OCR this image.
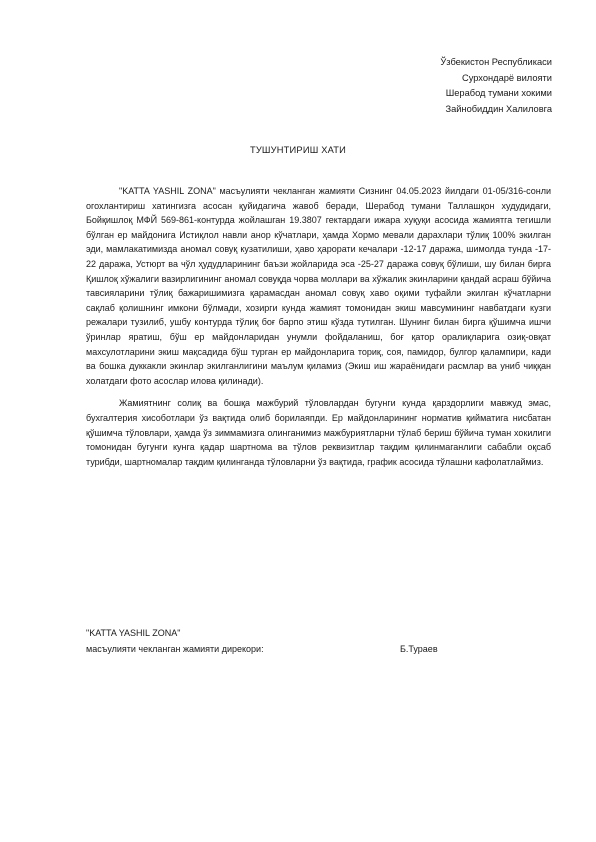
Ўзбекистон Республикаси
Сурхондарё вилояти
Шерабод тумани хокими
Зайнобиддин Халиловга
ТУШУНТИРИШ ХАТИ

"KATTA YASHIL ZONA" масъулияти чекланган жамияти Сизнинг 04.05.2023 йилдаги 01-05/316-сонли огохлантириш хатингизга асосан қуйидагича жавоб беради, Шерабод тумани Таллашқон худудидаги, Бойқишлоқ МФЙ 569-861-контурда жойлашган 19.3807 гектардаги ижара хуқуқи асосида жамиятга тегишли бўлган ер майдонига Истиқлол навли анор кўчатлари, ҳамда Хормо мевали дарахлари тўлиқ 100% экилган эди, мамлакатимизда аномал совуқ кузатилиши, ҳаво ҳарорати кечалари -12-17 даража, шимолда тунда -17-22 даража, Устюрт ва чўл ҳудудларининг баъзи жойларида эса -25-27 даража совуқ бўлиши, шу билан бирга Қишлоқ хўжалиги вазирлигининг аномал совуқда чорва моллари ва хўжалик экинларини қандай асраш бўйича тавсияларини тўлиқ бажаришимизга қарамасдан аномал совуқ хаво оқими туфайли экилган кўчатларни сақлаб қолишнинг имкони бўлмади, хозирги кунда жамият томонидан экиш мавсумининг навбатдаги кузги режалари тузилиб, ушбу контурда тўлиқ боғ барпо этиш кўзда тутилган. Шунинг билан бирга қўшимча ишчи ўринлар яратиш, бўш ер майдонларидан унумли фойдаланиш, боғ қатор оралиқларига озиқ-овқат махсулотларини экиш мақсадида бўш турган ер майдонларига ториқ, соя, памидор, булгор қалампири, кади ва бошка дуккакли экинлар экилганлигини маълум қиламиз (Экиш иш жараёнидаги расмлар ва униб чиққан холатдаги фото асослар илова қилинади).

Жамиятнинг солиқ ва бошқа мажбурий тўловлардан бугунги кунда қарздорлиги мавжуд эмас, бухгалтерия хисоботлари ўз вақтида олиб борилаяпди. Ер майдонларининг норматив қийматига нисбатан қўшимча тўловлари, ҳамда ўз зиммамизга олинганимиз мажбуриятларни тўлаб бериш бўйича туман хокилиги томонидан бугунги кунга қадар шартнома ва тўлов реквизитлар тақдим қилинмаганлиги сабабли оқсаб турибди, шартномалар тақдим қилинганда тўловларни ўз вақтида, график асосида тўлашни кафолатлаймиз.

"KATTA YASHIL ZONA"
масъулияти чекланган жамияти дирекори:	Б.Тураев
